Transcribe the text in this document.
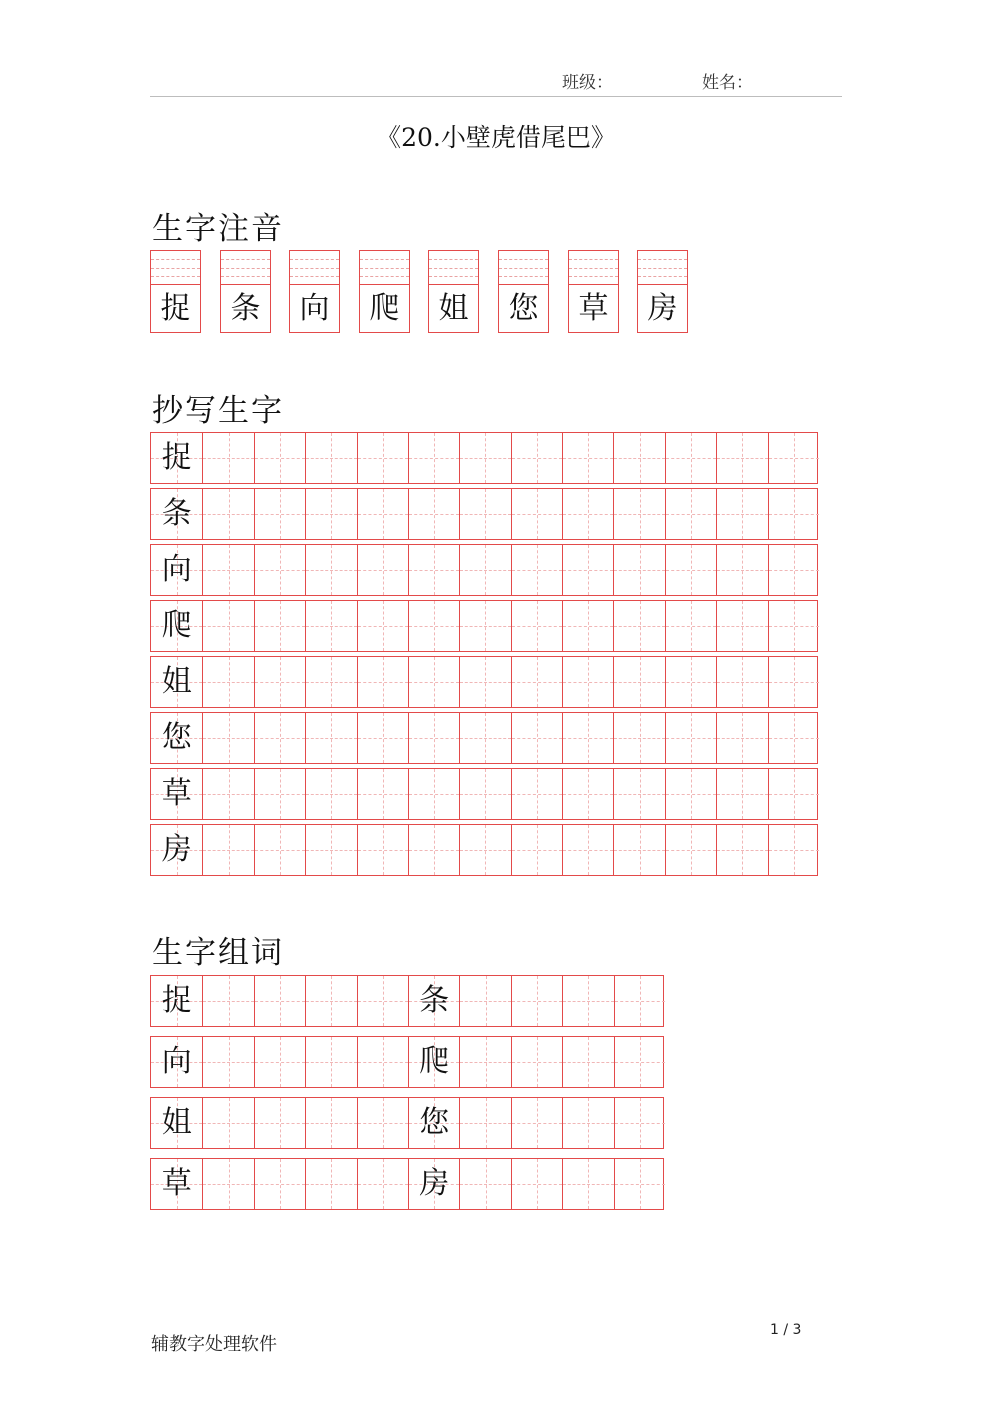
班级：	姓名：
《20.小壁虎借尾巴》
生字注音
捉	条	向	爬	姐	您	草	房
抄写生字
捉
条
向
爬
姐
您
草
房
生字组词
捉	条
向	爬
姐	您
草	房
辅教字处理软件
1 / 3
